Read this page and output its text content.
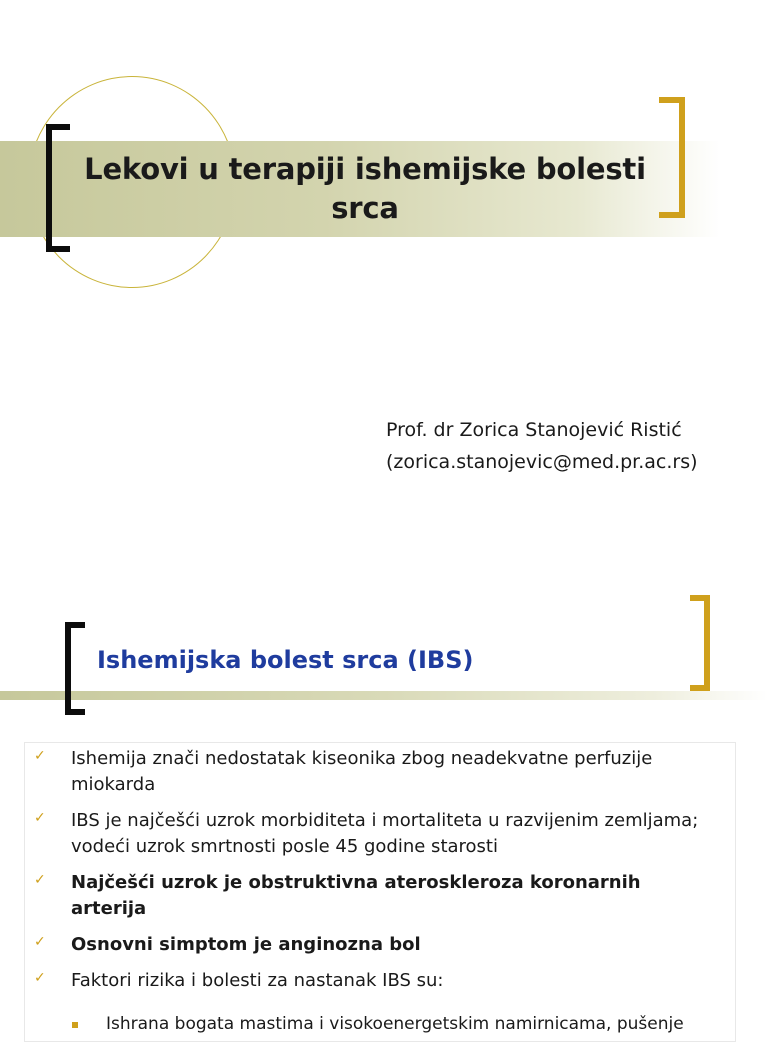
Lekovi u terapiji ishemijske bolesti srca
Prof. dr Zorica Stanojević Ristić
(zorica.stanojevic@med.pr.ac.rs)
Ishemijska bolest srca (IBS)
✓ Ishemija znači nedostatak kiseonika zbog neadekvatne perfuzije miokarda
✓ IBS je najčešći uzrok morbiditeta i mortaliteta u razvijenim zemljama; vodeći uzrok smrtnosti posle 45 godine starosti
✓ Najčešći uzrok je obstruktivna ateroskleroza koronarnih arterija
✓ Osnovni simptom je anginozna bol
✓ Faktori rizika i bolesti za nastanak IBS su:
Ishrana bogata mastima i visokoenergetskim namirnicama, pušenje
